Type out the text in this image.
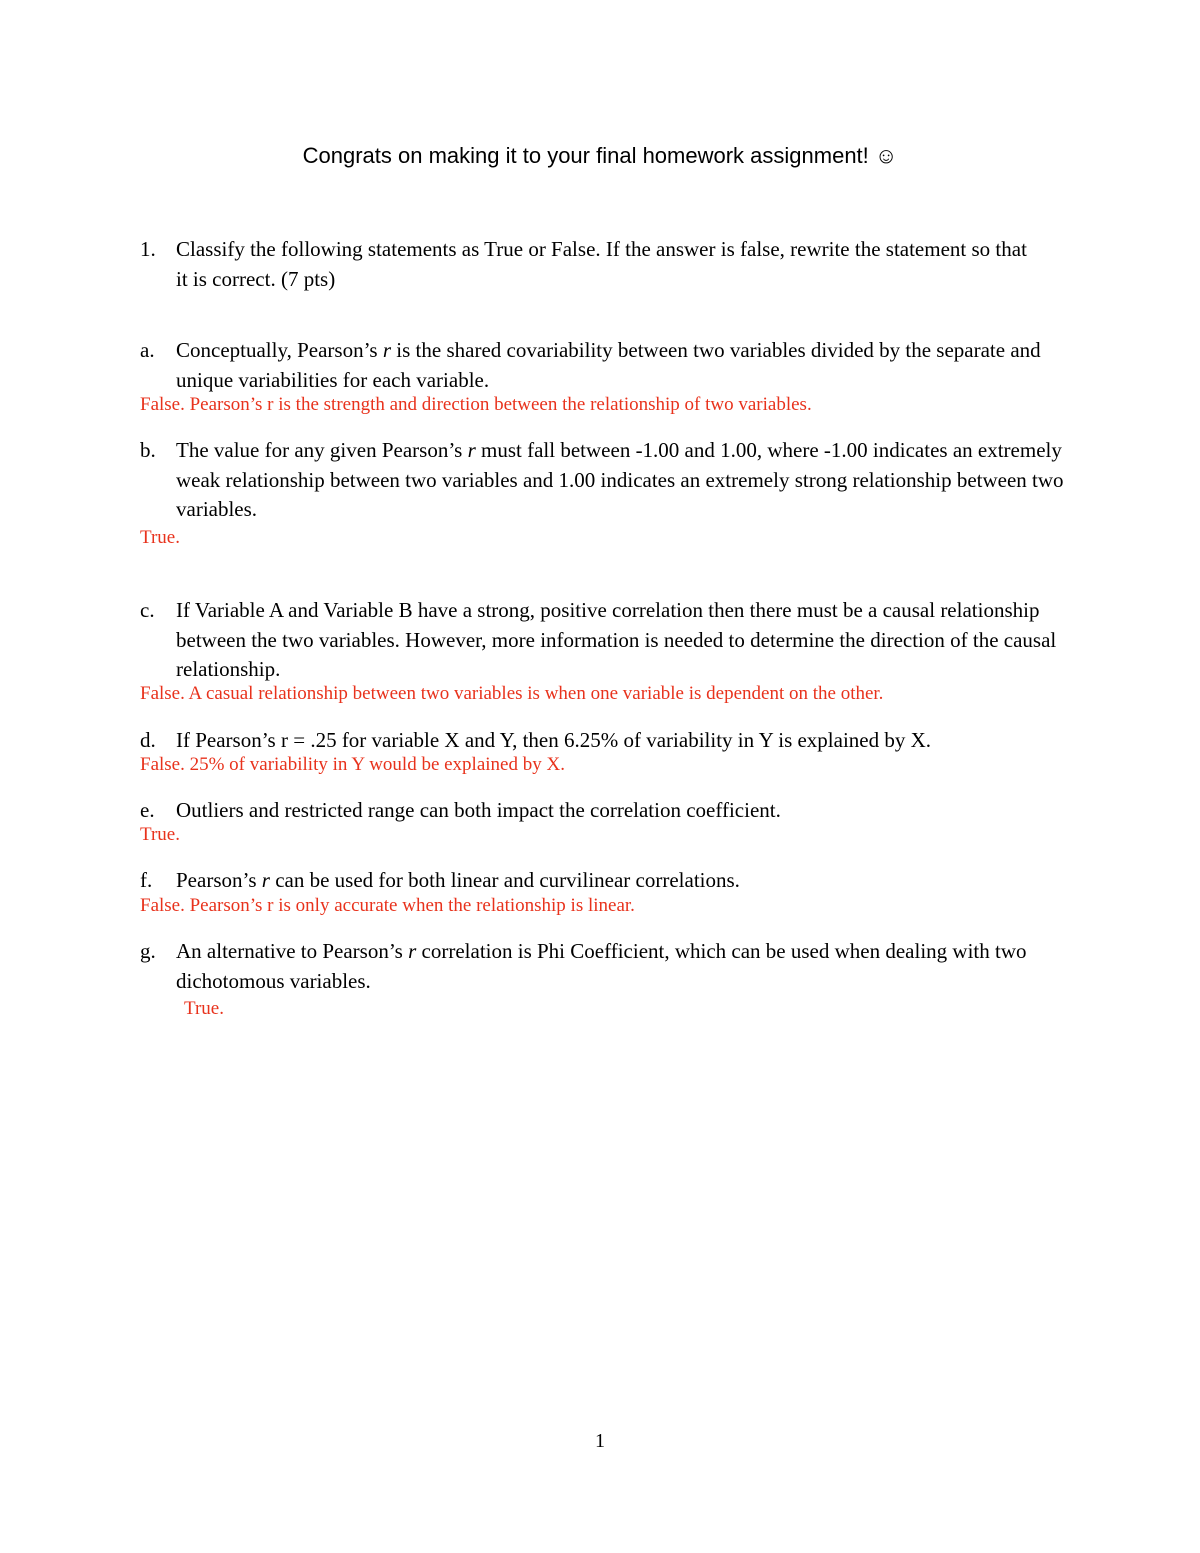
Congrats on making it to your final homework assignment! ☺
1. Classify the following statements as True or False. If the answer is false, rewrite the statement so that it is correct. (7 pts)
a. Conceptually, Pearson’s r is the shared covariability between two variables divided by the separate and unique variabilities for each variable.
False. Pearson’s r is the strength and direction between the relationship of two variables.
b. The value for any given Pearson’s r must fall between -1.00 and 1.00, where -1.00 indicates an extremely weak relationship between two variables and 1.00 indicates an extremely strong relationship between two variables.
True.
c. If Variable A and Variable B have a strong, positive correlation then there must be a causal relationship between the two variables. However, more information is needed to determine the direction of the causal relationship.
False. A casual relationship between two variables is when one variable is dependent on the other.
d. If Pearson’s r = .25 for variable X and Y, then 6.25% of variability in Y is explained by X.
False. 25% of variability in Y would be explained by X.
e. Outliers and restricted range can both impact the correlation coefficient.
True.
f. Pearson’s r can be used for both linear and curvilinear correlations.
False. Pearson’s r is only accurate when the relationship is linear.
g. An alternative to Pearson’s r correlation is Phi Coefficient, which can be used when dealing with two dichotomous variables.
True.
1
